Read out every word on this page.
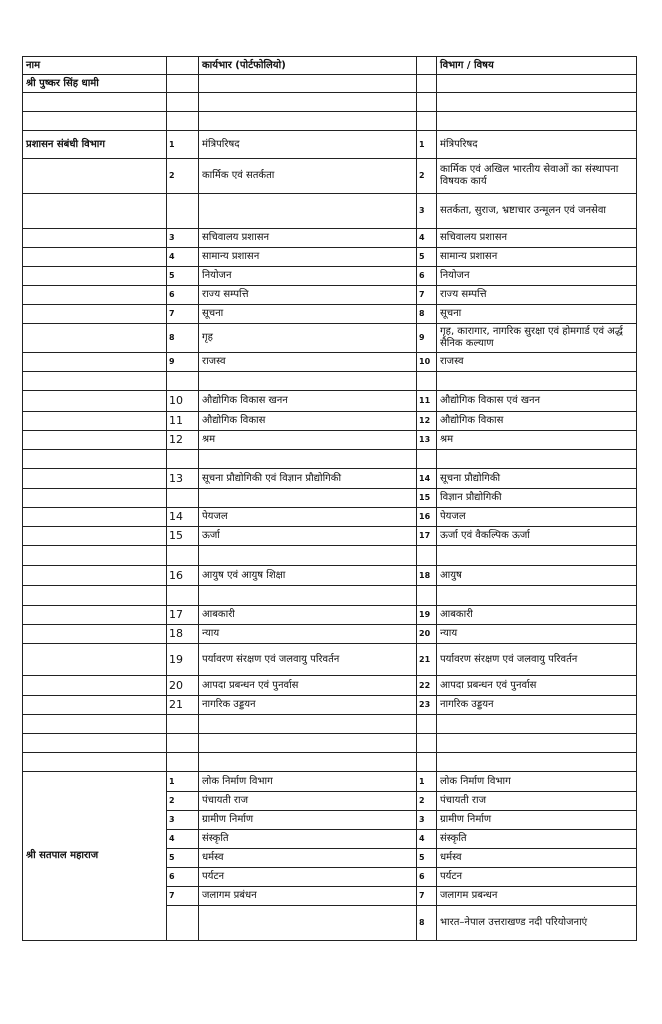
नाम		कार्यभार (पोर्टफोलियो)		विभाग / विषय
श्री पुष्कर सिंह धामी				

प्रशासन संबंधी विभाग	1	मंत्रिपरिषद	1	मंत्रिपरिषद
	2	कार्मिक एवं सतर्कता	2	कार्मिक एवं अखिल भारतीय सेवाओं का संस्थापना विषयक कार्य
			3	सतर्कता, सुराज, भ्रष्टाचार उन्मूलन एवं जनसेवा
	3	सचिवालय प्रशासन	4	सचिवालय प्रशासन
	4	सामान्य प्रशासन	5	सामान्य प्रशासन
	5	नियोजन	6	नियोजन
	6	राज्य सम्पत्ति	7	राज्य सम्पत्ति
	7	सूचना	8	सूचना
	8	गृह	9	गृह, कारागार, नागरिक सुरक्षा एवं होमगार्ड एवं अर्द्ध सैनिक कल्याण
	9	राजस्व	10	राजस्व

	10	औद्योगिक विकास खनन	11	औद्योगिक विकास एवं खनन
	11	औद्योगिक विकास	12	औद्योगिक विकास
	12	श्रम	13	श्रम

	13	सूचना प्रौद्योगिकी एवं विज्ञान प्रौद्योगिकी	14	सूचना प्रौद्योगिकी
			15	विज्ञान प्रौद्योगिकी
	14	पेयजल	16	पेयजल
	15	ऊर्जा	17	ऊर्जा एवं वैकल्पिक ऊर्जा

	16	आयुष एवं आयुष शिक्षा	18	आयुष

	17	आबकारी	19	आबकारी
	18	न्याय	20	न्याय
	19	पर्यावरण संरक्षण एवं जलवायु परिवर्तन	21	पर्यावरण संरक्षण एवं जलवायु परिवर्तन
	20	आपदा प्रबन्धन एवं पुनर्वास	22	आपदा प्रबन्धन एवं पुनर्वास
	21	नागरिक उड्डयन	23	नागरिक उड्डयन

श्री सतपाल महाराज	1	लोक निर्माण विभाग	1	लोक निर्माण विभाग
	2	पंचायती राज	2	पंचायती राज
	3	ग्रामीण निर्माण	3	ग्रामीण निर्माण
	4	संस्कृति	4	संस्कृति
	5	धर्मस्व	5	धर्मस्व
	6	पर्यटन	6	पर्यटन
	7	जलागम प्रबंधन	7	जलागम प्रबन्धन
			8	भारत–नेपाल उत्तराखण्ड नदी परियोजनाएं
